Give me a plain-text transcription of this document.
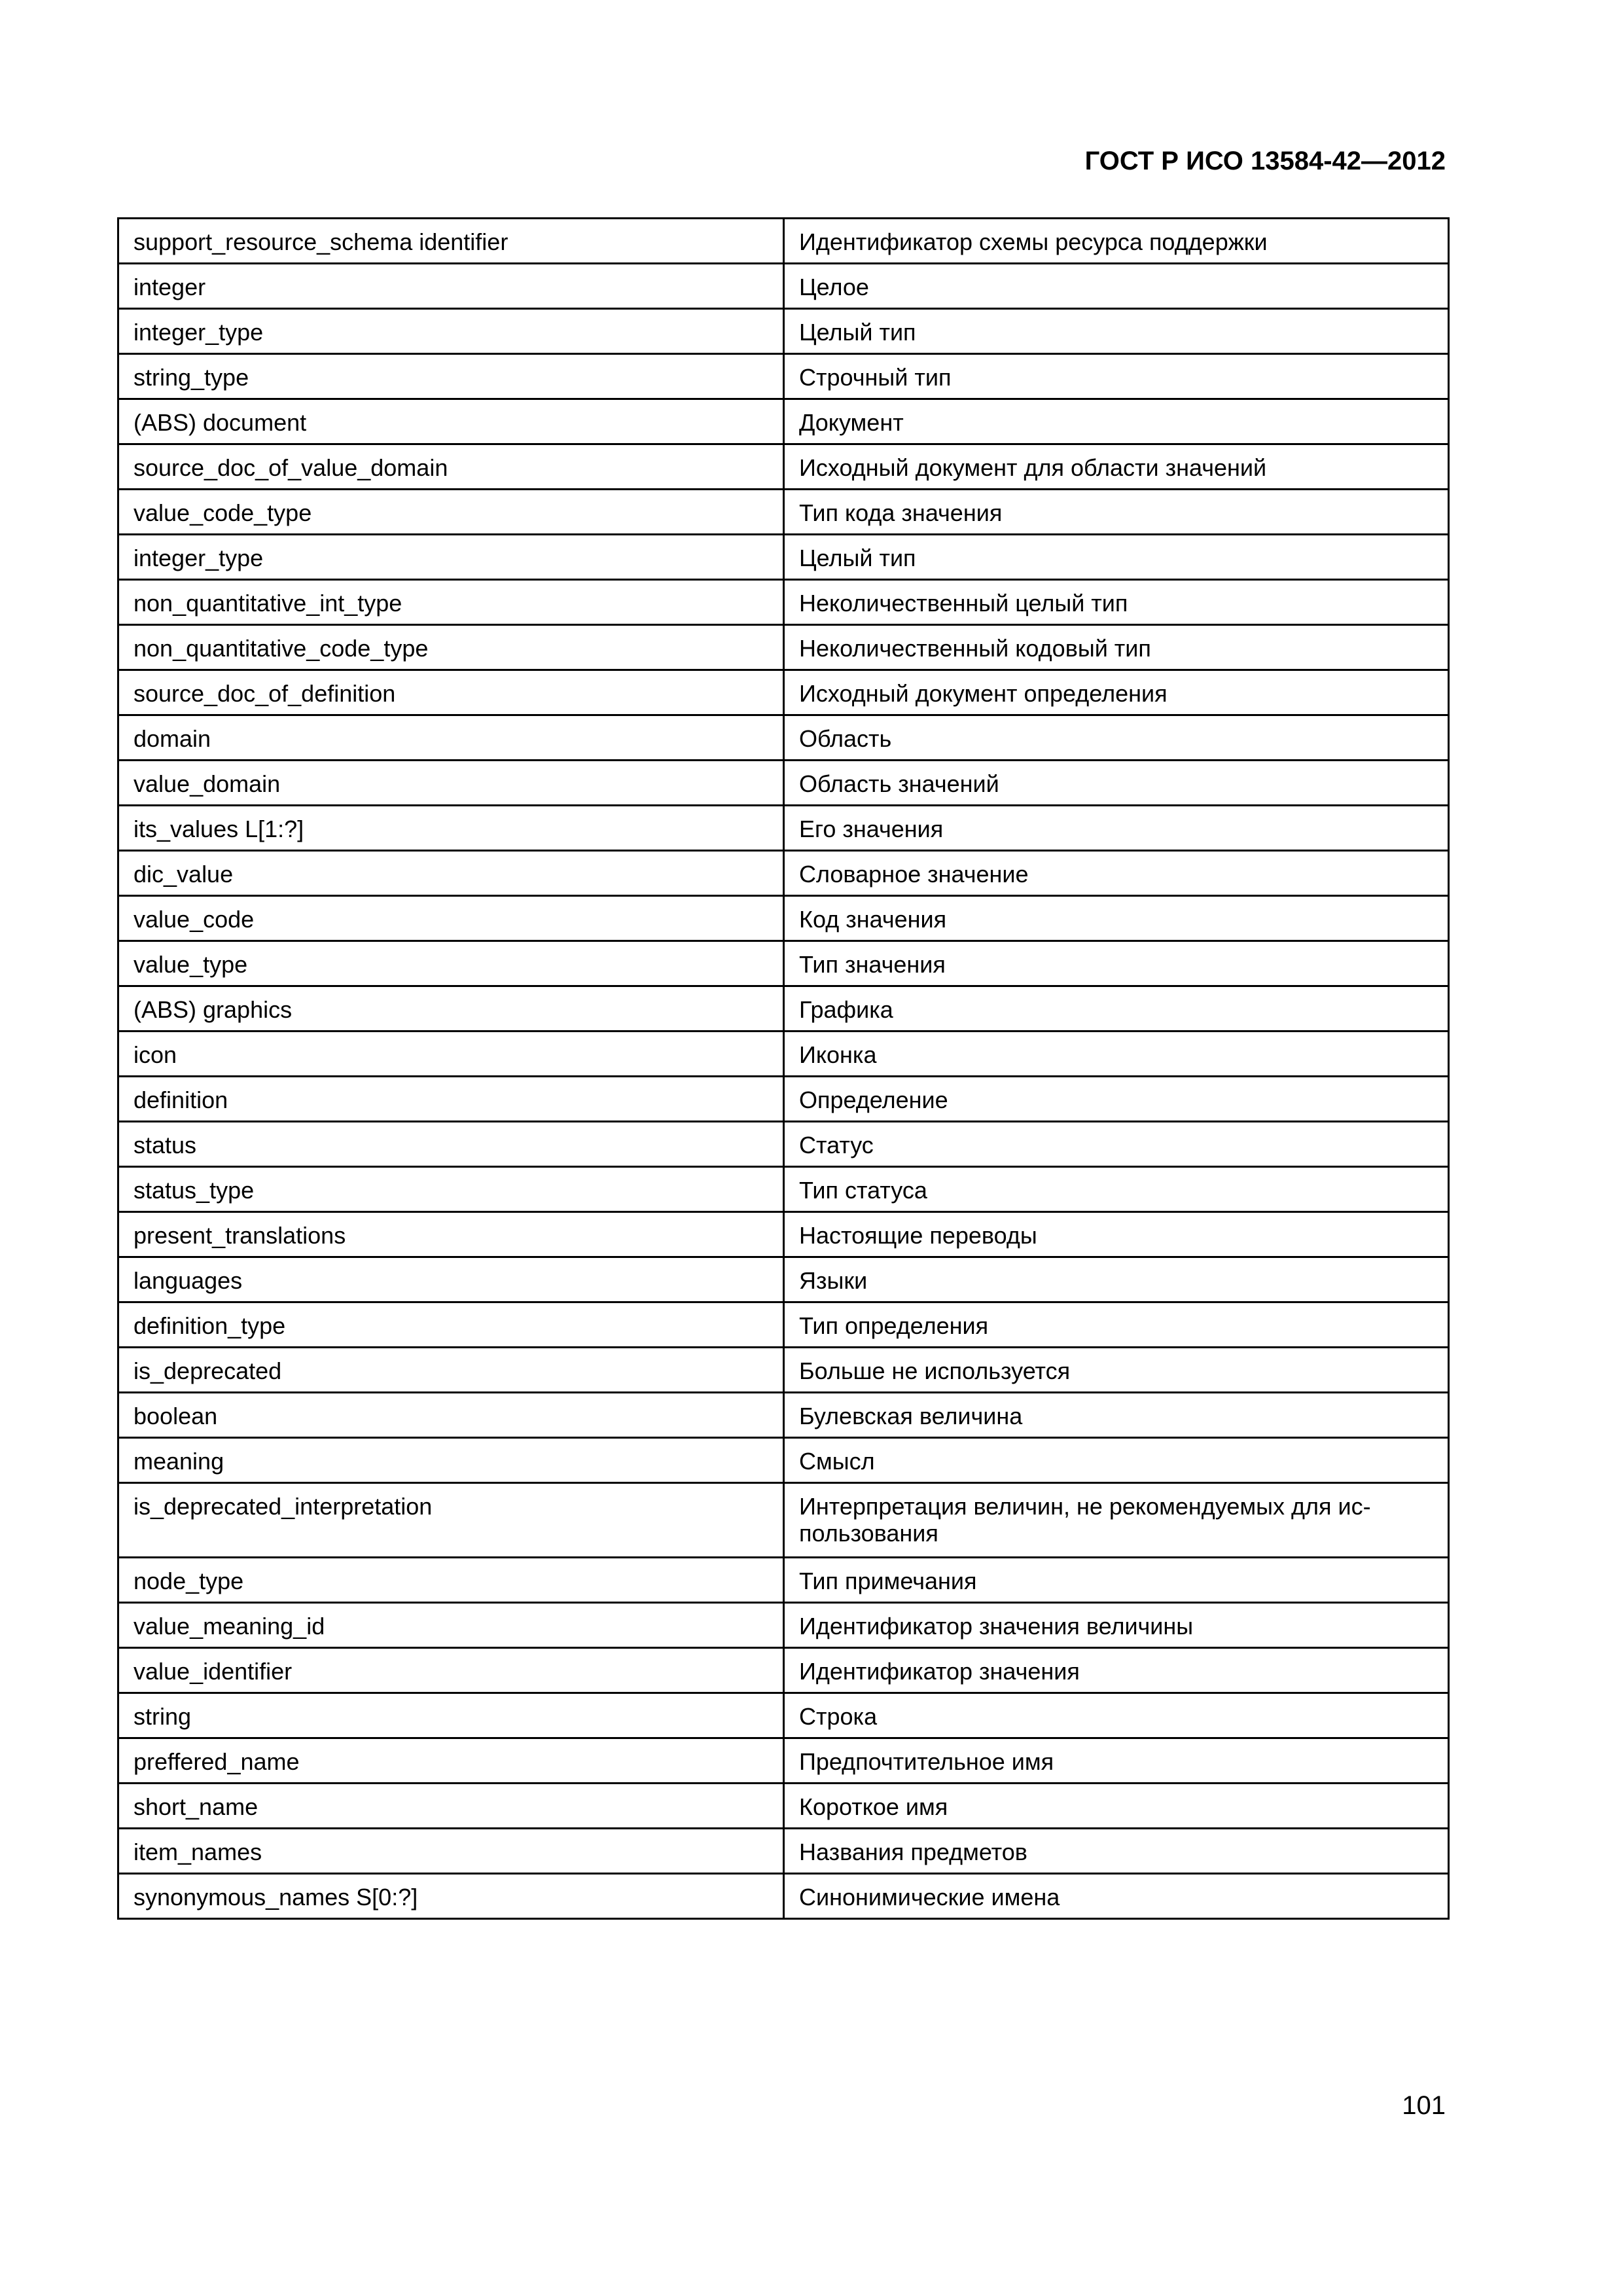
ГОСТ Р ИСО 13584-42—2012
support_resource_schema identifier	Идентификатор схемы ресурса поддержки
integer	Целое
integer_type	Целый тип
string_type	Строчный тип
(ABS) document	Документ
source_doc_of_value_domain	Исходный документ для области значений
value_code_type	Тип кода значения
integer_type	Целый тип
non_quantitative_int_type	Неколичественный целый тип
non_quantitative_code_type	Неколичественный кодовый тип
source_doc_of_definition	Исходный документ определения
domain	Область
value_domain	Область значений
its_values L[1:?]	Его значения
dic_value	Словарное значение
value_code	Код значения
value_type	Тип значения
(ABS) graphics	Графика
icon	Иконка
definition	Определение
status	Статус
status_type	Тип статуса
present_translations	Настоящие переводы
languages	Языки
definition_type	Тип определения
is_deprecated	Больше не используется
boolean	Булевская величина
meaning	Смысл
is_deprecated_interpretation	Интерпретация величин, не рекомендуемых для ис-
пользования
node_type	Тип примечания
value_meaning_id	Идентификатор значения величины
value_identifier	Идентификатор значения
string	Строка
preffered_name	Предпочтительное имя
short_name	Короткое имя
item_names	Названия предметов
synonymous_names S[0:?]	Синонимические имена
101
